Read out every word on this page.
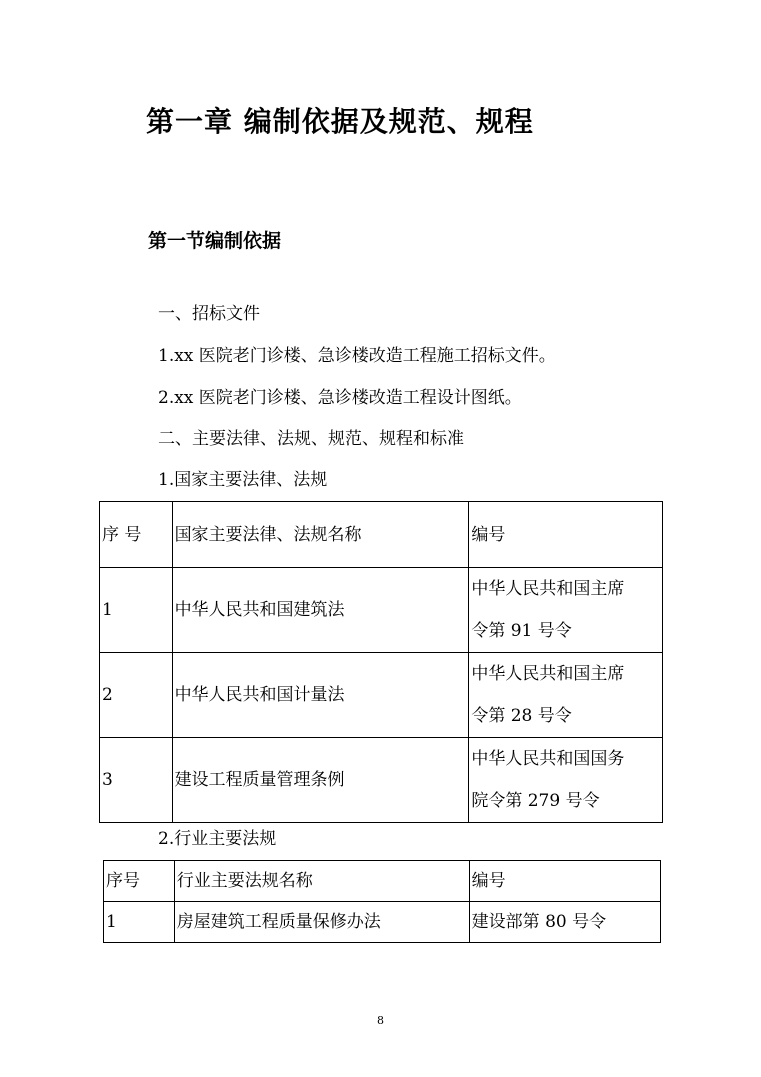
第一章 编制依据及规范、规程
第一节编制依据
一、招标文件
1.xx 医院老门诊楼、急诊楼改造工程施工招标文件。
2.xx 医院老门诊楼、急诊楼改造工程设计图纸。
二、主要法律、法规、规范、规程和标准
1.国家主要法律、法规
序 号	国家主要法律、法规名称	编号
1	中华人民共和国建筑法	中华人民共和国主席
令第 91 号令

2	中华人民共和国计量法	中华人民共和国主席
令第 28 号令

3	建设工程质量管理条例	中华人民共和国国务
院令第 279 号令
2.行业主要法规
序号	行业主要法规名称	编号
1	房屋建筑工程质量保修办法	建设部第 80 号令
8
